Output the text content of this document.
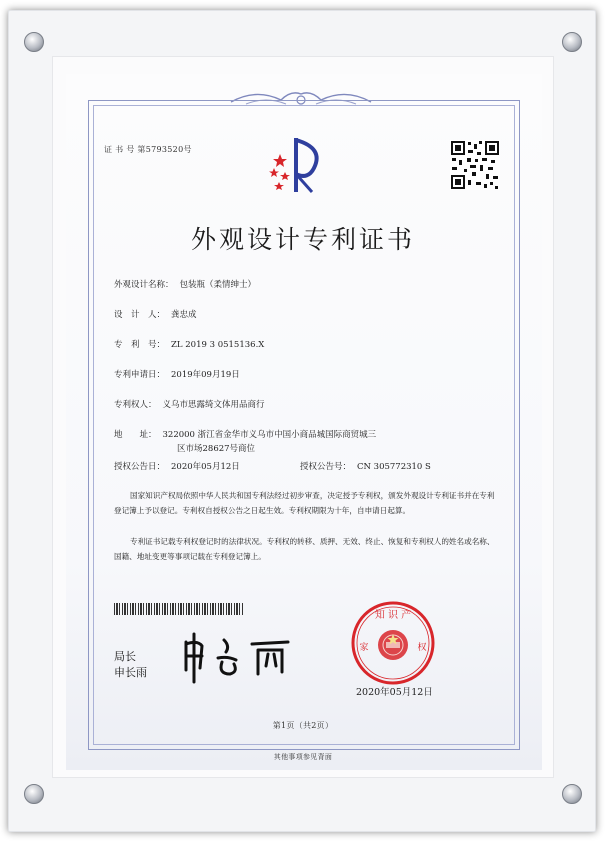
证 书 号 第5793520号
外观设计专利证书
外观设计名称： 包装瓶（柔情绅士）
设　计　人： 龚忠成
专　利　号： ZL 2019 3 0515136.X
专利申请日： 2019年09月19日
专利权人： 义乌市思露绮文体用品商行
地　　址： 322000 浙江省金华市义乌市中国小商品城国际商贸城三
区市场28627号商位
授权公告日： 2020年05月12日	授权公告号： CN 305772310 S
国家知识产权局依照中华人民共和国专利法经过初步审查，决定授予专利权，颁发外观设计专利证书并在专利登记簿上予以登记。专利权自授权公告之日起生效。专利权期限为十年，自申请日起算。
专利证书记载专利权登记时的法律状况。专利权的转移、质押、无效、终止、恢复和专利权人的姓名或名称、国籍、地址变更等事项记载在专利登记簿上。
局长
申长雨
知 识 产
家	权
2020年05月12日
第1页（共2页）
其他事项参见背面
